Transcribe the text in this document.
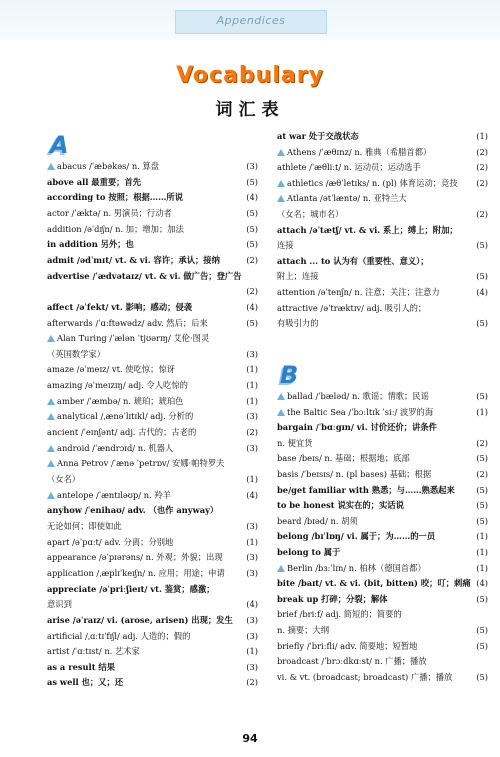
Appendices
Vocabulary
词汇表
A
abacus /ˈæbəkəs/ n. 算盘	(3)
above all 最重要；首先	(5)
according to 按照；根据……所说	(4)
actor /ˈæktə/ n. 男演员；行动者	(5)
addition /əˈdɪʃn/ n. 加；增加；加法	(5)
in addition 另外；也	(5)
admit /ədˈmɪt/ vt. & vi. 容许；承认；接纳	(2)
advertise /ˈædvətaɪz/ vt. & vi. 做广告；登广告
(2)
affect /əˈfekt/ vt. 影响；感动；侵袭	(4)
afterwards /ˈɑːftəwədz/ adv. 然后；后来	(5)
Alan Turing /ˈælən ˈtjʊərɪŋ/ 艾伦·图灵
（英国数学家）	(3)
amaze /əˈmeɪz/ vt. 使吃惊；惊讶	(1)
amazing /əˈmeɪzɪŋ/ adj. 令人吃惊的	(1)
amber /ˈæmbə/ n. 琥珀；琥珀色	(1)
analytical /ˌænəˈlɪtɪkl/ adj. 分析的	(3)
ancient /ˈeɪnʃənt/ adj. 古代的；古老的	(2)
android /ˈændrɔɪd/ n. 机器人	(3)
Anna Petrov /ˈænə ˈpetrɒv/ 安娜·帕特罗夫
（女名）	(1)
antelope /ˈæntɪləʊp/ n. 羚羊	(4)
anyhow /ˈenihaʊ/ adv. （也作 anyway）
无论如何；即使如此	(3)
apart /əˈpɑːt/ adv. 分离；分别地	(1)
appearance /əˈpɪərəns/ n. 外观；外貌；出现	(3)
application /ˌæplɪˈkeɪʃn/ n. 应用；用途；申请	(3)
appreciate /əˈpriːʃieɪt/ vt. 鉴赏；感激；
意识到	(4)
arise /əˈraɪz/ vi. (arose, arisen) 出现；发生	(3)
artificial /ˌɑːtɪˈfɪʃl/ adj. 人造的；假的	(3)
artist /ˈɑːtɪst/ n. 艺术家	(1)
as a result 结果	(3)
as well 也；又；还	(2)
B
at war 处于交战状态	(1)
Athens /ˈæθɪnz/ n. 雅典（希腊首都）	(2)
athlete /ˈæθliːt/ n. 运动员；运动选手	(2)
athletics /æθˈletɪks/ n. (pl) 体育运动；竞技	(2)
Atlanta /ətˈlæntə/ n. 亚特兰大
（女名；城市名）	(2)
attach /əˈtætʃ/ vt. & vi. 系上；缚上；附加；
连接	(5)
attach ... to 认为有（重要性、意义）；
附上；连接	(5)
attention /əˈtenʃn/ n. 注意；关注；注意力	(4)
attractive /əˈtræktɪv/ adj. 吸引人的；
有吸引力的	(5)
ballad /ˈbæləd/ n. 歌谣；情歌；民谣	(5)
the Baltic Sea /ˈbɔːltɪk ˈsiː/ 波罗的海	(1)
bargain /ˈbɑːgɪn/ vi. 讨价还价；讲条件
n. 便宜货	(2)
base /beɪs/ n. 基础；根据地；底部	(5)
basis /ˈbeɪsɪs/ n. (pl bases) 基础；根据	(2)
be/get familiar with 熟悉；与……熟悉起来	(5)
to be honest 说实在的；实话说	(5)
beard /bɪəd/ n. 胡须	(5)
belong /bɪˈlɒŋ/ vi. 属于；为……的一员	(1)
belong to 属于	(1)
Berlin /bɜːˈlɪn/ n. 柏林（德国首都）	(1)
bite /baɪt/ vt. & vi. (bit, bitten) 咬；叮；刺痛 (4)
break up 打碎；分裂；解体	(5)
brief /briːf/ adj. 简短的；简要的
n. 摘要；大纲	(5)
briefly /ˈbriːfli/ adv. 简要地；短暂地	(5)
broadcast /ˈbrɔːdkɑːst/ n. 广播；播放
vi. & vt. (broadcast; broadcast) 广播；播放	(5)
94
